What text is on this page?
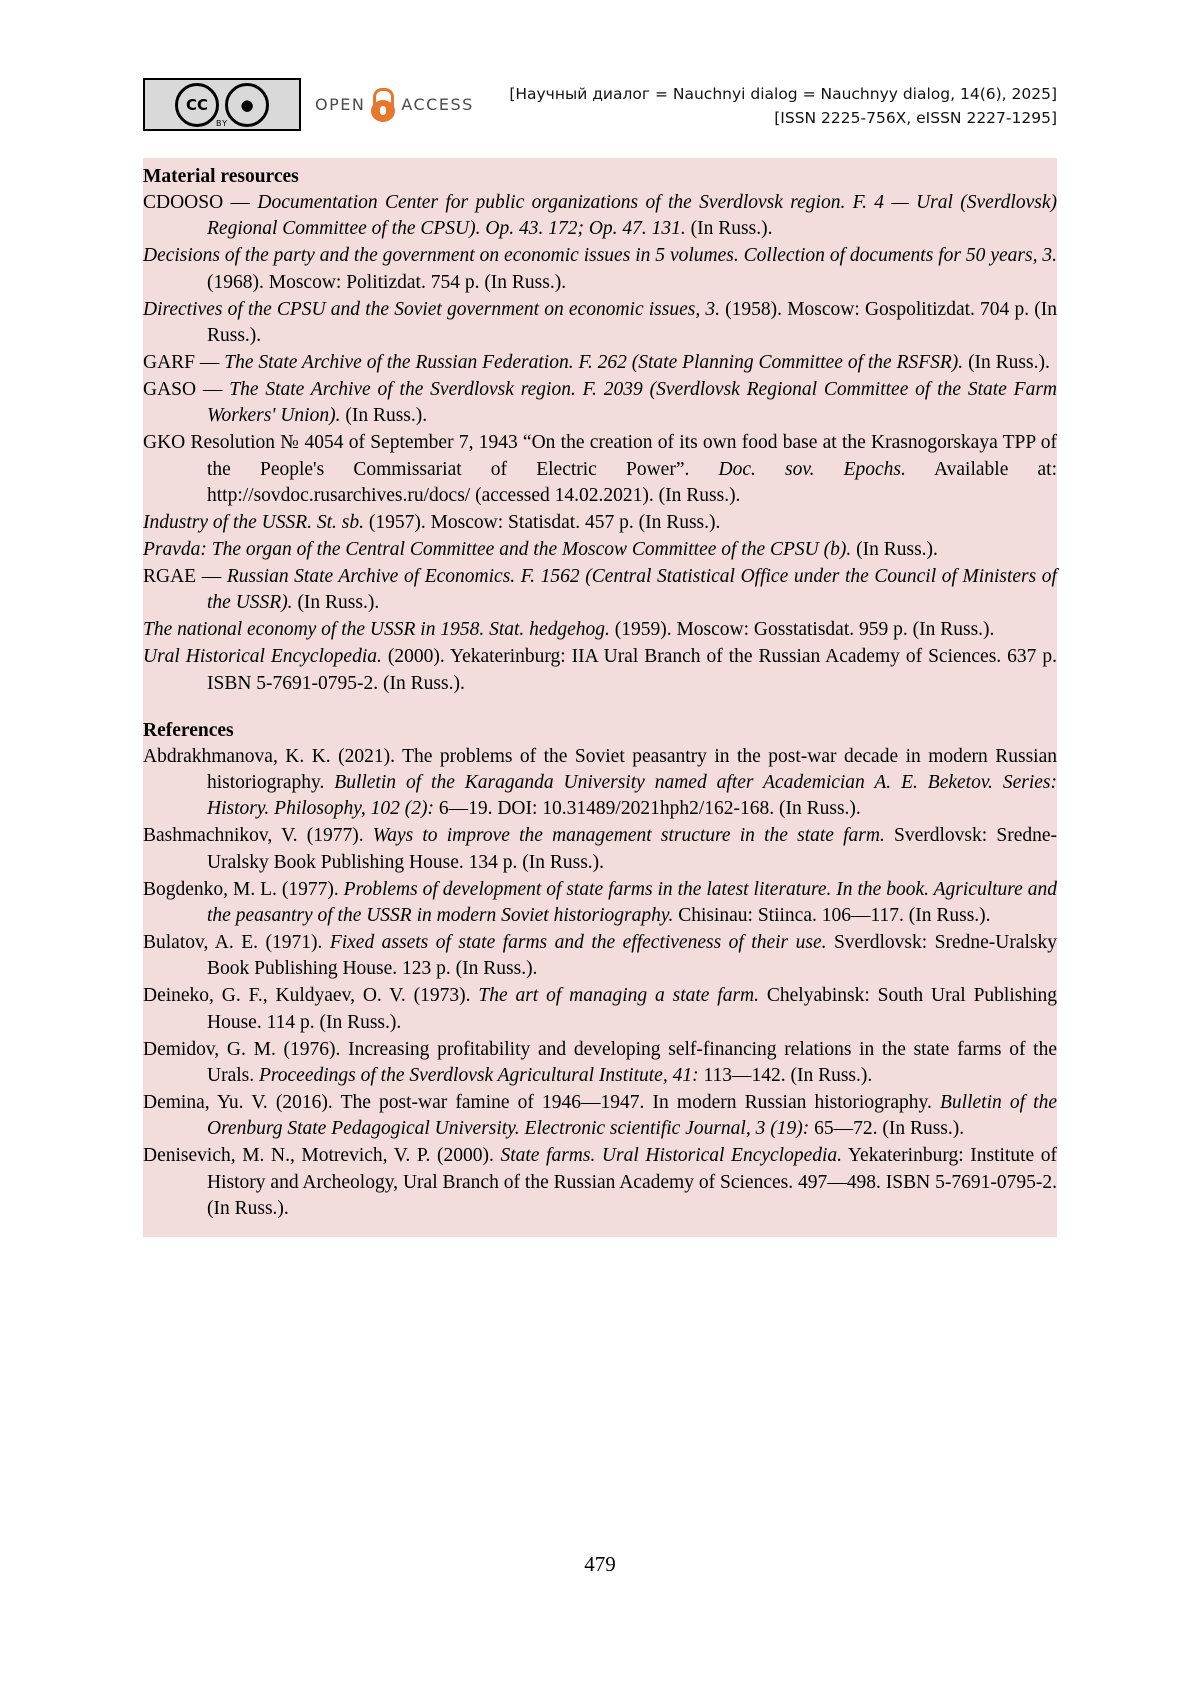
CC	●
BY
OPEN ACCESS
[Научный диалог = Nauchnyi dialog = Nauchnyy dialog, 14(6), 2025]
[ISSN 2225-756X, eISSN 2227-1295]
Material resources
CDOOSO — Documentation Center for public organizations of the Sverdlovsk region. F. 4 — Ural (Sverdlovsk) Regional Committee of the CPSU). Op. 43. 172; Op. 47. 131. (In Russ.).
Decisions of the party and the government on economic issues in 5 volumes. Collection of documents for 50 years, 3. (1968). Moscow: Politizdat. 754 p. (In Russ.).
Directives of the CPSU and the Soviet government on economic issues, 3. (1958). Moscow: Gospolitizdat. 704 p. (In Russ.).
GARF — The State Archive of the Russian Federation. F. 262 (State Planning Committee of the RSFSR). (In Russ.).
GASO — The State Archive of the Sverdlovsk region. F. 2039 (Sverdlovsk Regional Committee of the State Farm Workers' Union). (In Russ.).
GKO Resolution № 4054 of September 7, 1943 “On the creation of its own food base at the Krasnogorskaya TPP of the People's Commissariat of Electric Power”. Doc. sov. Epochs. Available at: http://sovdoc.rusarchives.ru/docs/ (accessed 14.02.2021). (In Russ.).
Industry of the USSR. St. sb. (1957). Moscow: Statisdat. 457 p. (In Russ.).
Pravda: The organ of the Central Committee and the Moscow Committee of the CPSU (b). (In Russ.).
RGAE — Russian State Archive of Economics. F. 1562 (Central Statistical Office under the Council of Ministers of the USSR). (In Russ.).
The national economy of the USSR in 1958. Stat. hedgehog. (1959). Moscow: Gosstatisdat. 959 p. (In Russ.).
Ural Historical Encyclopedia. (2000). Yekaterinburg: IIA Ural Branch of the Russian Academy of Sciences. 637 p. ISBN 5-7691-0795-2. (In Russ.).
References
Abdrakhmanova, K. K. (2021). The problems of the Soviet peasantry in the post-war decade in modern Russian historiography. Bulletin of the Karaganda University named after Academician A. E. Beketov. Series: History. Philosophy, 102 (2): 6—19. DOI: 10.31489/2021hph2/162-168. (In Russ.).
Bashmachnikov, V. (1977). Ways to improve the management structure in the state farm. Sverdlovsk: Sredne-Uralsky Book Publishing House. 134 p. (In Russ.).
Bogdenko, M. L. (1977). Problems of development of state farms in the latest literature. In the book. Agriculture and the peasantry of the USSR in modern Soviet historiography. Chisinau: Stiinca. 106—117. (In Russ.).
Bulatov, A. E. (1971). Fixed assets of state farms and the effectiveness of their use. Sverdlovsk: Sredne-Uralsky Book Publishing House. 123 p. (In Russ.).
Deineko, G. F., Kuldyaev, O. V. (1973). The art of managing a state farm. Chelyabinsk: South Ural Publishing House. 114 p. (In Russ.).
Demidov, G. M. (1976). Increasing profitability and developing self-financing relations in the state farms of the Urals. Proceedings of the Sverdlovsk Agricultural Institute, 41: 113—142. (In Russ.).
Demina, Yu. V. (2016). The post-war famine of 1946—1947. In modern Russian historiography. Bulletin of the Orenburg State Pedagogical University. Electronic scientific Journal, 3 (19): 65—72. (In Russ.).
Denisevich, M. N., Motrevich, V. P. (2000). State farms. Ural Historical Encyclopedia. Yekaterinburg: Institute of History and Archeology, Ural Branch of the Russian Academy of Sciences. 497—498. ISBN 5-7691-0795-2. (In Russ.).
479
